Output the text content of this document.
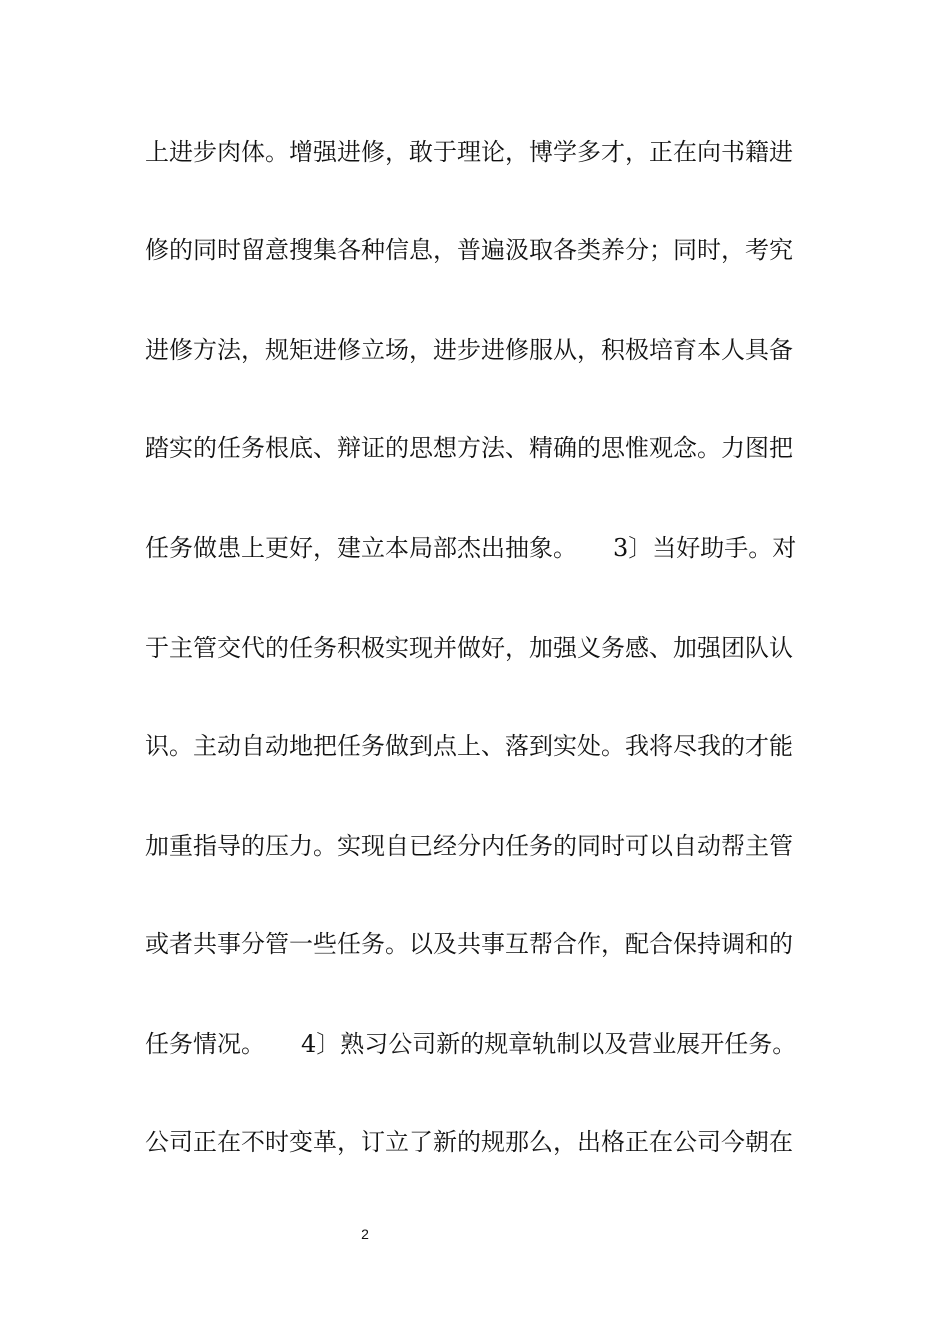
上进步肉体。增强进修，敢于理论，博学多才，正在向书籍进
修的同时留意搜集各种信息，普遍汲取各类养分；同时，考究
进修方法，规矩进修立场，进步进修服从，积极培育本人具备
踏实的任务根底、辩证的思想方法、精确的思惟观念。力图把
任务做患上更好，建立本局部杰出抽象。　　3〕当好助手。对
于主管交代的任务积极实现并做好，加强义务感、加强团队认
识。主动自动地把任务做到点上、落到实处。我将尽我的才能
加重指导的压力。实现自已经分内任务的同时可以自动帮主管
或者共事分管一些任务。以及共事互帮合作，配合保持调和的
任务情况。　　4〕熟习公司新的规章轨制以及营业展开任务。
公司正在不时变革，订立了新的规那么，出格正在公司今朝在
2
